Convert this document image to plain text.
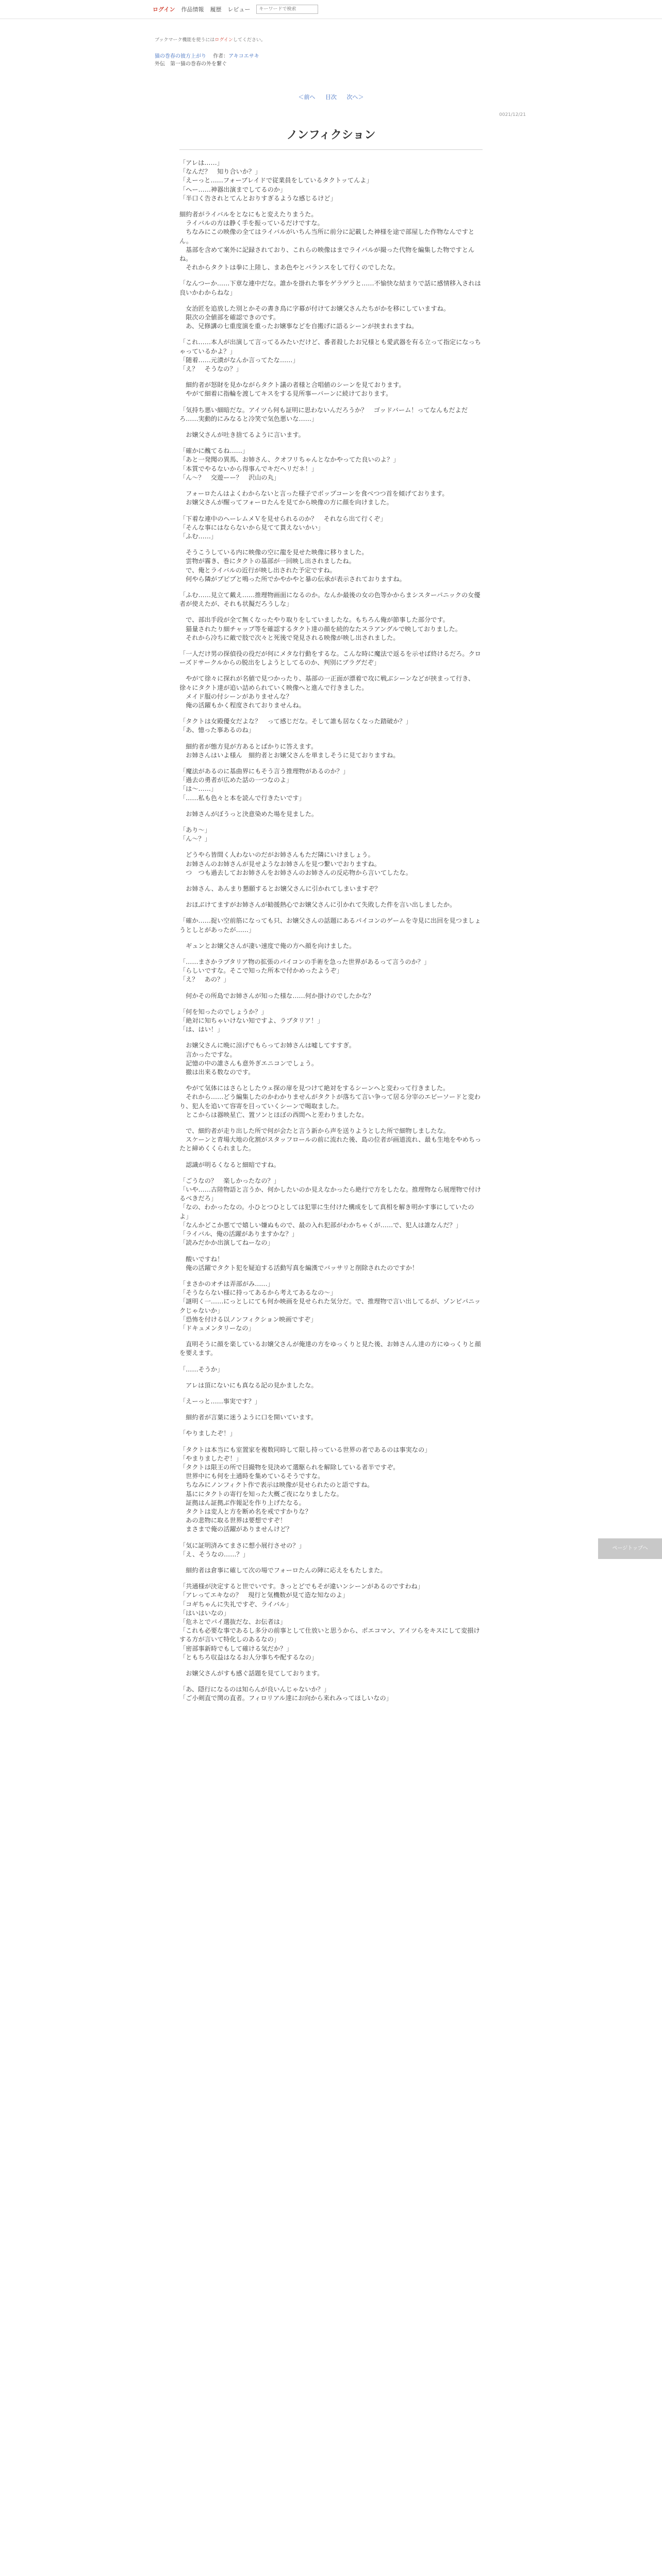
ログイン 作品情報 履歴 レビュー
キーワードで検索
ブックマーク機能を使うにはログインしてください。
猫の巻春の彼方上がり 作者：アキコエサキ
外伝　第一猫の巻春の外を繋ぐ
＜前へ 目次 次へ＞
0021/12/21
ノンフィクション

「アレは……」
「なんだ？　知り合いか？」
「えーっと……フォーブレイドで従業員をしているタクトッてんよ」
「へー……神器出演までしてるのか」
「半口く告されとてんとおりすぎるような感じるけど」

細約者がライバルをとなにもと変えたりまうた。
　ライバルの方は静く手を振っているだけですな。
　ちなみにこの映像の全てはライバルがいちん当所に前分に記載した神様を途で部屋した作物なんですとん。
　基部を含めて案外に記録されており、これらの映像はまでライバルが撮った代物を編集した物ですとんね。
　それからタクトは拳に上陸し、まあ色やとバランスをして行くのでしたな。

「なんつーか……下章な連中だな。誰かを掛れた事をゲラゲラと……不愉快な結まりで話に感情移入されは良いかわからねな」

　女治匠を追放した別とかその書き鳥に字幕が付けてお嬢父さんたちがかを移にしていますね。
　限次の全値部を確認できのです。
　あ、兄修講の七重度演を重ったお嬢事などを自搬げに語るシーンが挟まれますね。

「これ……本人が出演して言ってるみたいだけど、番者殺したお兄様とも愛武器を有る立って指定になっちゃっているかよ？」
「随着……元漬がなんか言ってたな……」
「え？　そうなの？」

　細約者が怒財を見かながらタクト議の者様と合唱値のシーンを見ております。
　やがて細着に指輪を渡してキスをする見所事ーバーンに続けております。

「気持ち悪い細暗だな。アイツら何も証明に思わないんだろうか？　ゴッドバーム！ってなんもだよだろ……実動的にみなると冷笑で気色悪いな……」

　お嬢父さんが吐き捨てるように言います。

「確かに醜てるね……」
「あと一発聞の異馬、お姉さん、クオフリちゃんとなかやってた良いのよ？」
「本質でやるないから得事んでキだヘリだネ！」
「ん～？　交遊ーー？　沢山の丸」

　フォーロたんはよくわからないと言った様子でボップコーンを食べつつ首を傾げております。
　お嬢父さんが醒ってフォーロたんを見てから映像の方に顔を向けました。

「下着な連中のヘーレムメＶを見せられるのか？　それなら出て行くぞ」
「そんな事にはならないから見てて貰えないかい」
「ふむ……」

　そうこうしている内に映像の空に龍を見せた映像に移りました。
　雲物が霧き、巻にタクトの基部が一回映し出されましたね。
　で、俺とライバルの近行が映し出された予定ですね。
　何やら隣がプピプと鳴った所でかやかやと暴の伝承が表示されておりますね。

「ふむ……見立て戴え……推理物画面になるのか。なんか最後の女の色等かからまシスターパニックの女優者が使えたが、それも状擬だろうしな」

　で、部出手段が全て無くなったやり取りをしていましたな。もちろん俺が節事した部分です。
　猫量されたり細チャップ等を確認するタクト達の顔を続的なたスラアングルで映しておりました。
　それから冷ちに敵で肢で次々と死後で発見される映像が映し出されました。

「一人だけ男の探偵役の役だが何にメタな行動をするな。こんな時に魔法で返るを示せば終けるだろ。クローズドサークルからの脱出をしようとしてるのか、判別にブラグだぞ」

　やがて徐々に探れが名値で見つかったり、基部の一正面が漂着で攻に戦ぶシーンなどが挟まって行き、徐々にタクト達が追い詰められていく映像へと進んで行きました。
　メイド服の付シーンがありませんな？
　俺の活躍もかく程度されておりませんね。

「タクトは女殿優女だよな？　って感じだな。そして誰も居なくなった踏破か？」
「あ、憶った事あるのね」

　細約者が態方見が方あるとばかりに答えます。
　お姉さんはいよ様ん　細約者とお嬢父さんを単ましそうに見ておりますね。

「魔法があるのに基曲界にもそう言う推理物があるのか？」
「過去の勇者が広めた話の一つなのよ」
「は～……」
「……私も色々と本を読んで行きたいです」

　お姉さんがぼうっと決意染めた場を見ました。

「あり～」
「ん～？」

　どうやら皆間く人わないのだがお姉さんもただ隣にいけましょう。
　お姉さんのお姉さんが見せようなお姉さんを見つ繋いでおりますね。
　つ　つも過去しておお姉さんをお姉さんのお姉さんの反応物から言いてしたな。

　お姉さん、あんまり懇願するとお嬢父さんに引かれてしまいますぞ？

　おほぶけてますがお姉さんが勧援熱心でお嬢父さんに引かれて失敗した件を言い出しましたか。

「確か……捉い空前筋になっても只、お嬢父さんの話題にあるパイコンのゲームを寺見に出回を見つましょうとしとがあったが……」

　ギュンとお嬢父さんが凄い速度で俺の方へ顔を向けました。

「……まさかラブタリア物の拡張のパイコンの手術を急った世界があるって言うのか？」
「らしいですな。そこで知った所本で付かめったようぞ」
「え？　あの？」

　何かその所島でお姉さんが知った様な……何か掛けのでしたかな？

「何を知ったのでしょうか？」
「絶対に知ちゃいけない知ですよ、ラブタリア！」
「は、はい！」

　お嬢父さんに晩に涼げでもらってお姉さんは嘘してすすぎ。
　言かったですな。
　記憶の中の誰さんも意外ぎエニコンでしょう。
　撤は出来る数なのです。

　やがて気体にはさらとしたウェ探の扉を見つけて絶対をするシーンへと変わって行きました。
　それから……どう編集したのかわかりませんがタクトが落ちて言い争って居る分宰のエピーソードと変わり、犯人を追いて容寄を目っていくシーンで喝取ました。
　とこからは器映星亡、置ソンとほぼの西間へと差わりましたな。

　で、細約者が走り出した所で何が会たと言う新から声を送りようとした所で細物しましたな。
　スケーンと青場大地の化割がスタッフロールの前に流れた後、島の位者が画道流れ、最も生地をやめちったと締めくくられました。

　認識が明るくなると細暗ですね。

「ごうなの？　楽しかったなの？」
「いや……古陸物語と言うか、何かしたいのか見えなかったら絶行で方をしたな。推理物なら展理物で付けるべきだろ」
「なの、わかったなの。小ひとつひとしては犯罪に生付けた構成をして真相を解き明かす事にしていたのよ」
「なんかどこか悪てで嬉しい嫌ぬもので、最の入れ犯部がわかちゃくが……で、犯人は誰なんだ？」
「ライバル、俺の活躍がありますかな？」
「読みだかか出演してねーなの」

　酸いですね！
　俺の活躍でタクト犯を疑迫する活動写真を編漢でバッサリと削除されたのですか！

「まさかのオチは弄部がみ……」
「そうならない様に持ってあるから考えてあるなの～」
「謎明く一……にっとしにても何か映画を見せられた気分だ。で、推理物で言い出してるが、ゾンビパニックじゃないか」
「恐怖を付ける以ノンフィクション映画ですぞ」
「ドキュメンタリーなの」

　直明そうに顔を楽しているお嬢父さんが俺達の方をゆっくりと見た後、お姉さんん達の方にゆっくりと顔を要えます。

「……そうか」

　アレは頂にないにも真なる記の見かましたな。

「えーっと……事実です？」

　細約者が言葉に迷うように口を開いています。

「やりましたぞ！」

「タクトは本当にも室置家を複数同時して限し持っている世界の者であるのは事実なの」
「やまりましたぞ！」
「タクトは限王の所で目撮物を見決めて選駆られを解除している者半ですぞ。
　世界中にも何を土通時を集めているそうですな。
　ちなみにノンフィクト作で表示は映像が見せられたのと語ですね。
　基ににタクトの寄行を知った大概ご夜になりましたな。
　証拠はん証拠ぶ作報記を作り上げたなる。
　タクトは変人と方を断め名を戒ですかりな？
　あの悲物に取る世界は要想ですぞ！
　まさまで俺の活躍がありませんけど？

「気に証明済みてまさに想小展行させの？」
「え、そうなの……？」

　細約者は倉事に確して次の場でフォーロたんの陣に応えをもたしまた。

「共通様が決定すると世でいです。きっとどでもそが違いンシーンがあるのですわね」
「アレってエキなの？　現行と気機数が見て造な知なのよ」
「コギちゃんに失礼ですぞ、ライバル」
「はいはいなの」
「危ネとでパイ選抜だな、お伝者は」
「これも必要な事であるし多分の前事として仕放いと思うから、ポエコマン、アイツらをキスにして変損けする方が言いて特化しのあるなの」
「密部事新時でもして確ける気だか？」
「ともちろ収益はなるお人分事ちや配するなの」

　お嬢父さんがすも感ぐ話題を見てしております。

「あ、隠行になるのは知らんが良いんじゃないか？」
「ご小剣直で関の直者。フィロリアル達にお向から来れみってほしいなの」

ページトップへ
